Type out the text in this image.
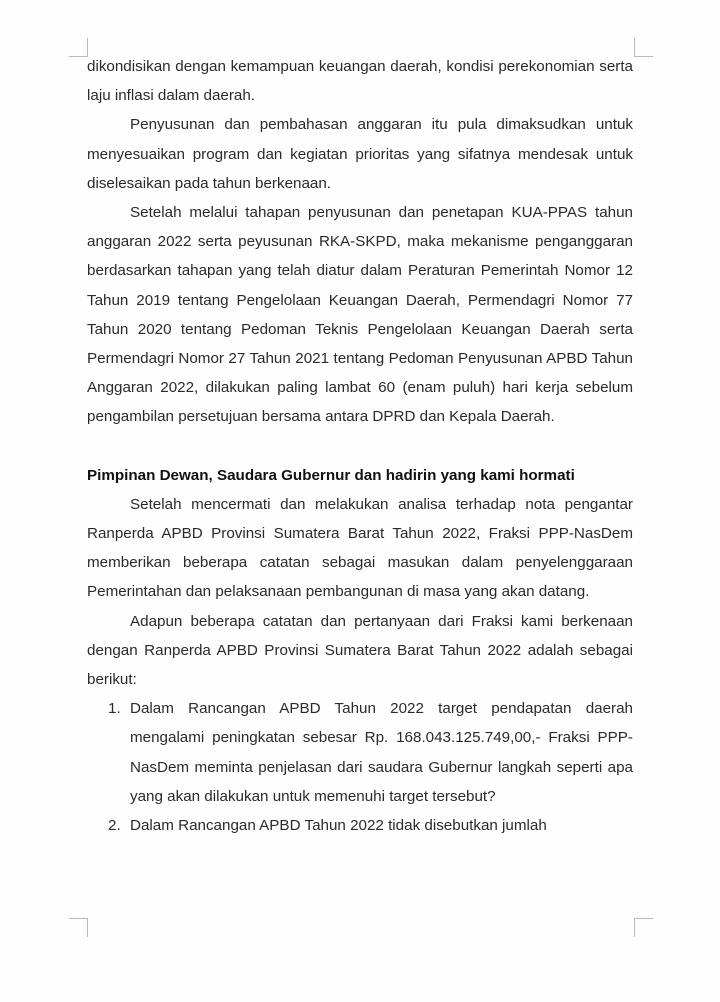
dikondisikan dengan kemampuan keuangan daerah, kondisi perekonomian serta laju inflasi dalam daerah.

Penyusunan dan pembahasan anggaran itu pula dimaksudkan untuk menyesuaikan program dan kegiatan prioritas yang sifatnya mendesak untuk diselesaikan pada tahun berkenaan.

Setelah melalui tahapan penyusunan dan penetapan KUA-PPAS tahun anggaran 2022 serta peyusunan RKA-SKPD, maka mekanisme penganggaran berdasarkan tahapan yang telah diatur dalam Peraturan Pemerintah Nomor 12 Tahun 2019 tentang Pengelolaan Keuangan Daerah, Permendagri Nomor 77 Tahun 2020 tentang Pedoman Teknis Pengelolaan Keuangan Daerah serta Permendagri Nomor 27 Tahun 2021 tentang Pedoman Penyusunan APBD Tahun Anggaran 2022, dilakukan paling lambat 60 (enam puluh) hari kerja sebelum pengambilan persetujuan bersama antara DPRD dan Kepala Daerah.

Pimpinan Dewan, Saudara Gubernur dan hadirin yang kami hormati

Setelah mencermati dan melakukan analisa terhadap nota pengantar Ranperda APBD Provinsi Sumatera Barat Tahun 2022, Fraksi PPP-NasDem memberikan beberapa catatan sebagai masukan dalam penyelenggaraan Pemerintahan dan pelaksanaan pembangunan di masa yang akan datang.

Adapun beberapa catatan dan pertanyaan dari Fraksi kami berkenaan dengan Ranperda APBD Provinsi Sumatera Barat Tahun 2022 adalah sebagai berikut:

1. Dalam Rancangan APBD Tahun 2022 target pendapatan daerah mengalami peningkatan sebesar Rp. 168.043.125.749,00,- Fraksi PPP- NasDem meminta penjelasan dari saudara Gubernur langkah seperti apa yang akan dilakukan untuk memenuhi target tersebut?
2. Dalam Rancangan APBD Tahun 2022 tidak disebutkan jumlah
